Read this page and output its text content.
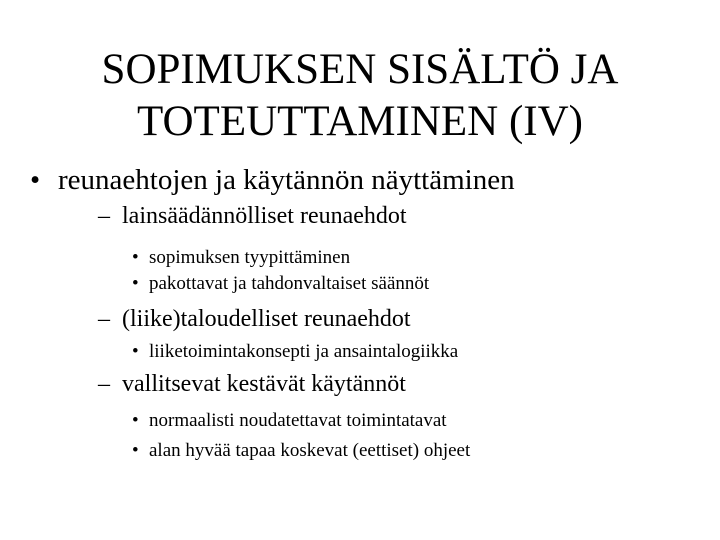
SOPIMUKSEN SISÄLTÖ JA
TOTEUTTAMINEN (IV)
• reunaehtojen ja käytännön näyttäminen
– lainsäädännölliset reunaehdot
• sopimuksen tyypittäminen
• pakottavat ja tahdonvaltaiset säännöt
– (liike)taloudelliset reunaehdot
• liiketoimintakonsepti ja ansaintalogiikka
– vallitsevat kestävät käytännöt
• normaalisti noudatettavat toimintatavat
• alan hyvää tapaa koskevat (eettiset) ohjeet
